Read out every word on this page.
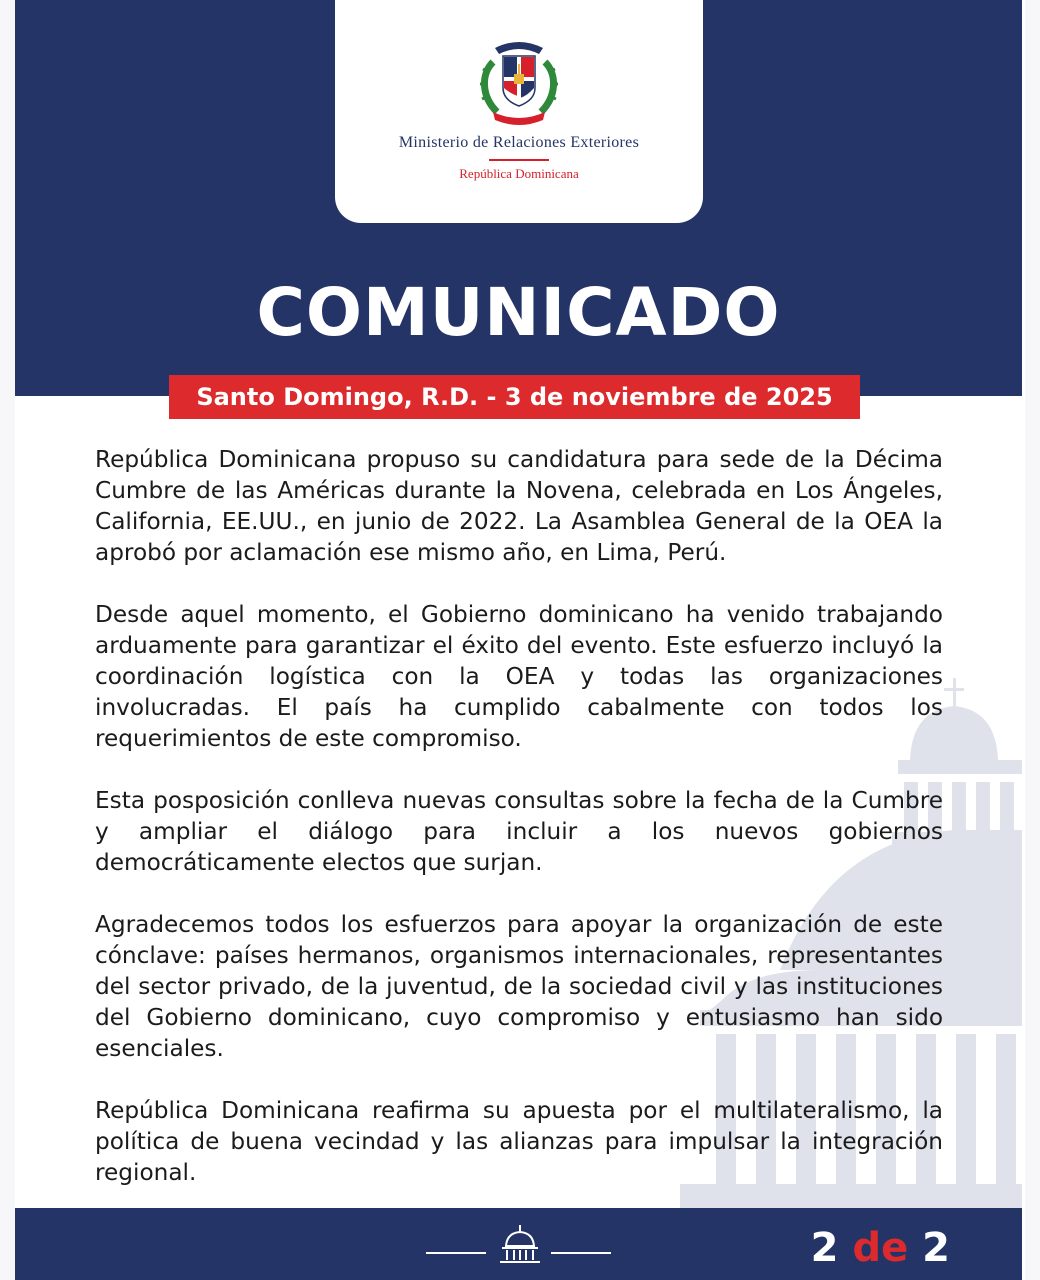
Ministerio de Relaciones Exteriores
República Dominicana
COMUNICADO
Santo Domingo, R.D. - 3 de noviembre de 2025

República Dominicana propuso su candidatura para sede de la Décima Cumbre de las Américas durante la Novena, celebrada en Los Ángeles, California, EE.UU., en junio de 2022. La Asamblea General de la OEA la aprobó por aclamación ese mismo año, en Lima, Perú.

Desde aquel momento, el Gobierno dominicano ha venido trabajando arduamente para garantizar el éxito del evento. Este esfuerzo incluyó la coordinación logística con la OEA y todas las organizaciones involucradas. El país ha cumplido cabalmente con todos los requerimientos de este compromiso.

Esta posposición conlleva nuevas consultas sobre la fecha de la Cumbre y ampliar el diálogo para incluir a los nuevos gobiernos democráticamente electos que surjan.

Agradecemos todos los esfuerzos para apoyar la organización de este cónclave: países hermanos, organismos internacionales, representantes del sector privado, de la juventud, de la sociedad civil y las instituciones del Gobierno dominicano, cuyo compromiso y entusiasmo han sido esenciales.

República Dominicana reafirma su apuesta por el multilateralismo, la política de buena vecindad y las alianzas para impulsar la integración regional.

2 de 2
